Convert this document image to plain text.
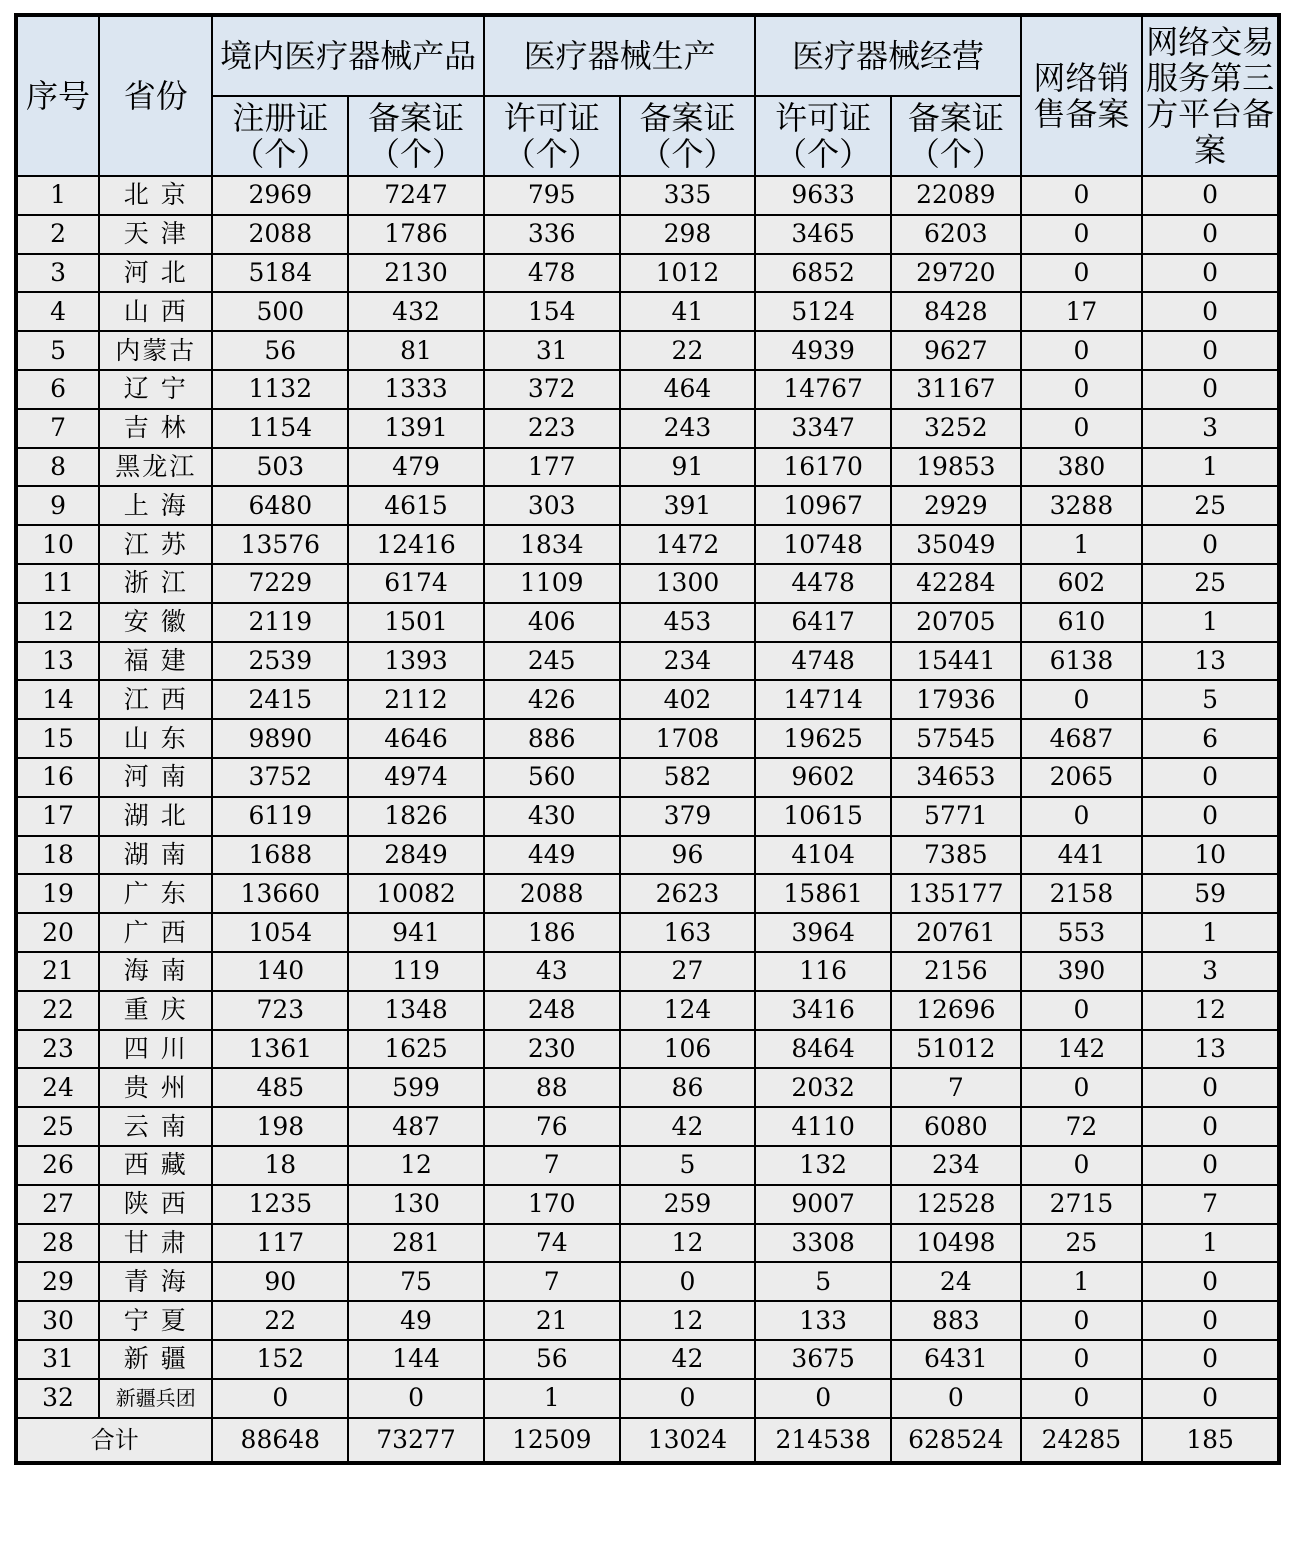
序号	省份	境内医疗器械产品		医疗器械生产		医疗器械经营		网络销售备案	网络交易服务第三方平台备案
		注册证（个）	备案证（个）	许可证（个）	备案证（个）	许可证（个）	备案证（个）		
1	北 京	2969	7247	795	335	9633	22089	0	0
2	天 津	2088	1786	336	298	3465	6203	0	0
3	河 北	5184	2130	478	1012	6852	29720	0	0
4	山 西	500	432	154	41	5124	8428	17	0
5	内蒙古	56	81	31	22	4939	9627	0	0
6	辽 宁	1132	1333	372	464	14767	31167	0	0
7	吉 林	1154	1391	223	243	3347	3252	0	3
8	黑龙江	503	479	177	91	16170	19853	380	1
9	上 海	6480	4615	303	391	10967	2929	3288	25
10	江 苏	13576	12416	1834	1472	10748	35049	1	0
11	浙 江	7229	6174	1109	1300	4478	42284	602	25
12	安 徽	2119	1501	406	453	6417	20705	610	1
13	福 建	2539	1393	245	234	4748	15441	6138	13
14	江 西	2415	2112	426	402	14714	17936	0	5
15	山 东	9890	4646	886	1708	19625	57545	4687	6
16	河 南	3752	4974	560	582	9602	34653	2065	0
17	湖 北	6119	1826	430	379	10615	5771	0	0
18	湖 南	1688	2849	449	96	4104	7385	441	10
19	广 东	13660	10082	2088	2623	15861	135177	2158	59
20	广 西	1054	941	186	163	3964	20761	553	1
21	海 南	140	119	43	27	116	2156	390	3
22	重 庆	723	1348	248	124	3416	12696	0	12
23	四 川	1361	1625	230	106	8464	51012	142	13
24	贵 州	485	599	88	86	2032	7	0	0
25	云 南	198	487	76	42	4110	6080	72	0
26	西 藏	18	12	7	5	132	234	0	0
27	陕 西	1235	130	170	259	9007	12528	2715	7
28	甘 肃	117	281	74	12	3308	10498	25	1
29	青 海	90	75	7	0	5	24	1	0
30	宁 夏	22	49	21	12	133	883	0	0
31	新 疆	152	144	56	42	3675	6431	0	0
32	新疆兵团	0	0	1	0	0	0	0	0
合计		88648	73277	12509	13024	214538	628524	24285	185
